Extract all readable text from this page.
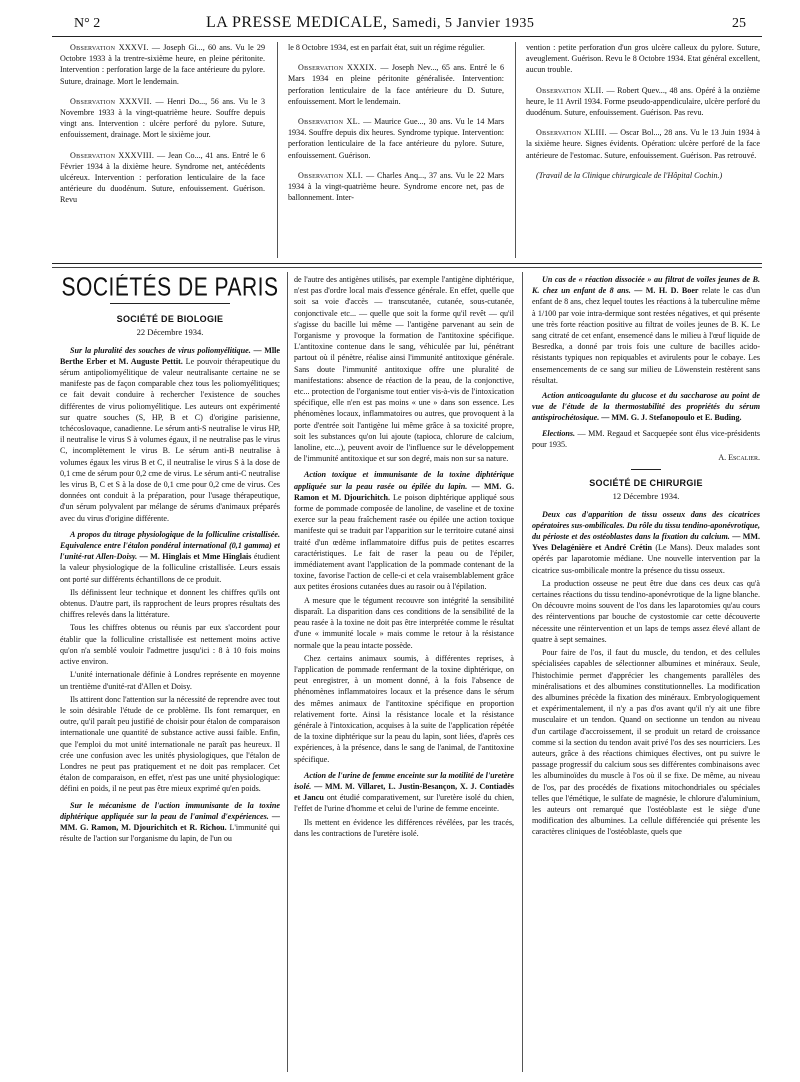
N° 2	LA PRESSE MEDICALE, Samedi, 5 Janvier 1935	25

Observation XXXVI. — Joseph Gi..., 60 ans. Vu le 29 Octobre 1933 à la trentre-sixième heure, en pleine péritonite. Intervention : perforation large de la face antérieure du pylore. Suture, drainage. Mort le lendemain.

Observation XXXVII. — Henri Do..., 56 ans. Vu le 3 Novembre 1933 à la vingt-quatrième heure. Souffre depuis vingt ans. Intervention : ulcère perforé du pylore. Suture, enfouissement, drainage. Mort le sixième jour.

Observation XXXVIII. — Jean Co..., 41 ans. Entré le 6 Février 1934 à la dixième heure. Syndrome net, antécédents ulcéreux. Intervention : perforation lenticulaire de la face antérieure du duodénum. Suture, enfouissement. Guérison. Revu

le 8 Octobre 1934, est en parfait état, suit un régime régulier.

Observation XXXIX. — Joseph Nev..., 65 ans. Entré le 6 Mars 1934 en pleine péritonite généralisée. Intervention: perforation lenticulaire de la face antérieure du D. Suture, enfouissement. Mort le lendemain.

Observation XL. — Maurice Gue..., 30 ans. Vu le 14 Mars 1934. Souffre depuis dix heures. Syndrome typique. Intervention: perforation lenticulaire de la face antérieure du pylore. Suture, enfouissement. Guérison.

Observation XLI. — Charles Anq..., 37 ans. Vu le 22 Mars 1934 à la vingt-quatrième heure. Syndrome encore net, pas de ballonnement. Inter-

vention : petite perforation d'un gros ulcère calleux du pylore. Suture, aveuglement. Guérison. Revu le 8 Octobre 1934. Etat général excellent, aucun trouble.

Observation XLII. — Robert Quev..., 48 ans. Opéré à la onzième heure, le 11 Avril 1934. Forme pseudo-appendiculaire, ulcère perforé du duodénum. Suture, enfouissement. Guérison. Pas revu.

Observation XLIII. — Oscar Bol..., 28 ans. Vu le 13 Juin 1934 à la sixième heure. Signes évidents. Opération: ulcère perforé de la face antérieure de l'estomac. Suture, enfouissement. Guérison. Pas retrouvé.

(Travail de la Clinique chirurgicale de l'Hôpital Cochin.)

SOCIÉTÉS DE PARIS
SOCIÉTÉ DE BIOLOGIE
22 Décembre 1934.

Sur la pluralité des souches de virus poliomyélitique. — Mlle Berthe Erber et M. Auguste Pettit. Le pouvoir thérapeutique du sérum antipoliomyélitique de valeur neutralisante certaine ne se manifeste pas de façon comparable chez tous les poliomyélitiques; ce fait devait conduire à rechercher l'existence de souches différentes de virus poliomyélitique. Les auteurs ont expérimenté sur quatre souches (S, HP, B et C) d'origine parisienne, tchécoslovaque, canadienne. Le sérum anti-S neutralise le virus HP, il neutralise le virus S à volumes égaux, il ne neutralise pas le virus C, incomplètement le virus B. Le sérum anti-B neutralise à volumes égaux les virus B et C, il neutralise le virus S à la dose de 0,1 cme de sérum pour 0,2 cme de virus. Le sérum anti-C neutralise les virus B, C et S à la dose de 0,1 cme pour 0,2 cme de virus. Ces données ont conduit à la préparation, pour l'usage thérapeutique, d'un sérum polyvalent par mélange de sérums d'animaux préparés avec du virus d'origine différente.

A propos du titrage physiologique de la folliculine cristallisée. Equivalence entre l'étalon pondéral international (0,1 gamma) et l'unité-rat Allen-Doisy. — M. Hinglais et Mme Hinglais étudient la valeur physiologique de la folliculine cristallisée. Leurs essais ont porté sur différents échantillons de ce produit.

Ils définissent leur technique et donnent les chiffres qu'ils ont obtenus. D'autre part, ils rapprochent de leurs propres résultats des chiffres relevés dans la littérature.

Tous les chiffres obtenus ou réunis par eux s'accordent pour établir que la folliculine cristallisée est nettement moins active qu'on n'a semblé vouloir l'admettre jusqu'ici : 8 à 10 fois moins active environ.

L'unité internationale définie à Londres représente en moyenne un trentième d'unité-rat d'Allen et Doisy.

Ils attirent donc l'attention sur la nécessité de reprendre avec tout le soin désirable l'étude de ce problème. Ils font remarquer, en outre, qu'il paraît peu justifié de choisir pour étalon de comparaison internationale une quantité de substance active aussi faible. Enfin, que l'emploi du mot unité internationale ne paraît pas heureux. Il crée une confusion avec les unités physiologiques, que l'étalon de Londres ne peut pas pratiquement et ne doit pas remplacer. Cet étalon de comparaison, en effet, n'est pas une unité physiologique: défini en poids, il ne peut pas être mieux exprimé qu'en poids.

Sur le mécanisme de l'action immunisante de la toxine diphtérique appliquée sur la peau de l'animal d'expériences. — MM. G. Ramon, M. Djourichitch et R. Richou. L'immunité qui résulte de l'action sur l'organisme du lapin, de l'un ou

de l'autre des antigènes utilisés, par exemple l'antigène diphtérique, n'est pas d'ordre local mais d'essence générale. En effet, quelle que soit sa voie d'accès — transcutanée, cutanée, sous-cutanée, conjonctivale etc... — quelle que soit la forme qu'il revêt — qu'il s'agisse du bacille lui même — l'antigène parvenant au sein de l'organisme y provoque la formation de l'antitoxine spécifique. L'antitoxine contenue dans le sang, véhiculée par lui, pénétrant partout où il pénètre, réalise ainsi l'immunité antitoxique générale. Sans doute l'immunité antitoxique offre une pluralité de manifestations: absence de réaction de la peau, de la conjonctive, etc... protection de l'organisme tout entier vis-à-vis de l'intoxication spécifique, elle n'en est pas moins « une » dans son essence. Les phénomènes locaux, inflammatoires ou autres, que provoquent à la porte d'entrée soit l'antigène lui même grâce à sa toxicité propre, soit les substances qu'on lui ajoute (tapioca, chlorure de calcium, lanoline, etc...), peuvent avoir de l'influence sur le développement de l'immunité antitoxique et sur son degré, mais non sur sa nature.

Action toxique et immunisante de la toxine diphtérique appliquée sur la peau rasée ou épilée du lapin. — MM. G. Ramon et M. Djourichitch. Le poison diphtérique appliqué sous forme de pommade composée de lanoline, de vaseline et de toxine exerce sur la peau fraîchement rasée ou épilée une action toxique manifeste qui se traduit par l'apparition sur le territoire cutané ainsi traité d'un œdème inflammatoire diffus puis de petites escarres caractéristiques. Le fait de raser la peau ou de l'épiler, immédiatement avant l'application de la pommade contenant de la toxine, favorise l'action de celle-ci et cela vraisemblablement grâce aux petites érosions cutanées dues au rasoir ou à l'épilation.

A mesure que le tégument recouvre son intégrité la sensibilité disparaît. La disparition dans ces conditions de la sensibilité de la peau rasée à la toxine ne doit pas être interprétée comme le résultat d'une « immunité locale » mais comme le retour à la résistance normale que la peau intacte possède.

Chez certains animaux soumis, à différentes reprises, à l'application de pommade renfermant de la toxine diphtérique, on peut enregistrer, à un moment donné, à la fois l'absence de phénomènes inflammatoires locaux et la présence dans le sérum des mêmes animaux de l'antitoxine spécifique en proportion relativement forte. Ainsi la résistance locale et la résistance générale à l'intoxication, acquises à la suite de l'application répétée de la toxine diphtérique sur la peau du lapin, sont liées, d'après ces expériences, à la présence, dans le sang de l'animal, de l'antitoxine spécifique.

Action de l'urine de femme enceinte sur la motilité de l'uretère isolé. — MM. M. Villaret, L. Justin-Besançon, X. J. Contiadès et Jancu ont étudié comparativement, sur l'uretère isolé du chien, l'effet de l'urine d'homme et celui de l'urine de femme enceinte.

Ils mettent en évidence les différences révélées, par les tracés, dans les contractions de l'uretère isolé.

Un cas de « réaction dissociée » au filtrat de voiles jeunes de B. K. chez un enfant de 8 ans. — M. H. D. Boer relate le cas d'un enfant de 8 ans, chez lequel toutes les réactions à la tuberculine même à 1/100 par voie intra-dermique sont restées négatives, et qui présente une très forte réaction positive au filtrat de voiles jeunes de B. K. Le sang citraté de cet enfant, ensemencé dans le milieu à l'œuf liquide de Besredka, a donné par trois fois une culture de bacilles acido-résistants typiques non repiquables et avirulents pour le cobaye. Les ensemencements de ce sang sur milieu de Löwenstein restèrent sans résultat.

Action anticoagulante du glucose et du saccharose au point de vue de l'étude de la thermostabilité des propriétés du sérum antispirochétosique. — MM. G. J. Stefanopoulo et E. Buding.

Elections. — MM. Regaud et Sacquepée sont élus vice-présidents pour 1935.

A. Escalier.
SOCIÉTÉ DE CHIRURGIE
12 Décembre 1934.

Deux cas d'apparition de tissu osseux dans des cicatrices opératoires sus-ombilicales. Du rôle du tissu tendino-aponévrotique, du périoste et des ostéoblastes dans la fixation du calcium. — MM. Yves Delagénière et André Crétin (Le Mans). Deux malades sont opérés par laparotomie médiane. Une nouvelle intervention par la cicatrice sus-ombilicale montre la présence du tissu osseux.

La production osseuse ne peut être due dans ces deux cas qu'à certaines réactions du tissu tendino-aponévrotique de la ligne blanche. On découvre moins souvent de l'os dans les laparotomies qu'au cours des réinterventions par bouche de cystostomie car cette découverte nécessite une réintervention et un laps de temps assez élevé allant de quatre à sept semaines.

Pour faire de l'os, il faut du muscle, du tendon, et des cellules spécialisées capables de sélectionner albumines et minéraux. Seule, l'histochimie permet d'apprécier les changements parallèles des minéralisations et des albumines constitutionnelles. La modification des albumines précède la fixation des minéraux. Embryologiquement et expérimentalement, il n'y a pas d'os avant qu'il n'y ait une fibre musculaire et un tendon. Quand on sectionne un tendon au niveau d'un cartilage d'accroissement, il se produit un retard de croissance comme si la section du tendon avait privé l'os des ses nourriciers. Les auteurs, grâce à des réactions chimiques électives, ont pu suivre le passage progressif du calcium sous ses différentes combinaisons avec les albuminoïdes du muscle à l'os où il se fixe. De même, au niveau de l'os, par des procédés de fixations mitochondriales ou spéciales telles que l'émétique, le sulfate de magnésie, le chlorure d'aluminium, les auteurs ont remarqué que l'ostéoblaste est le siège d'une modification des albumines. La cellule différenciée qui présente les caractères cliniques de l'ostéoblaste, quels que
